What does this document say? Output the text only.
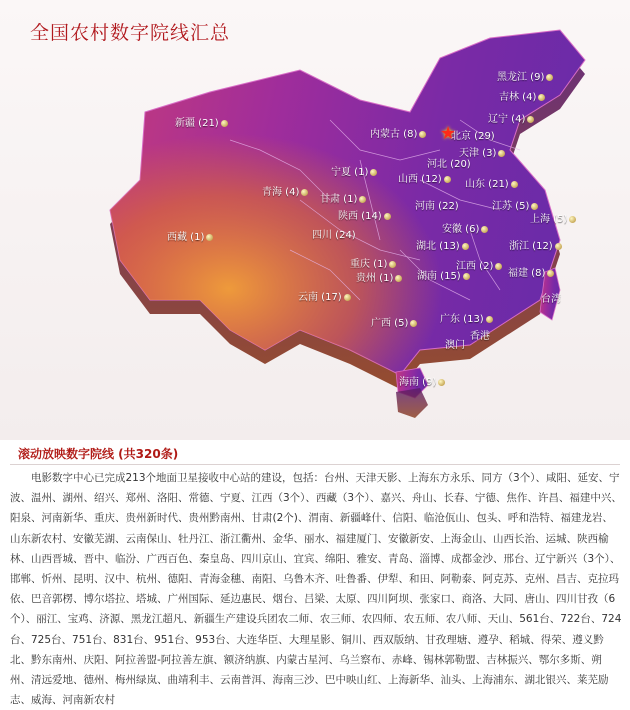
全国农村数字院线汇总
★
黑龙江 (9)
吉林 (4)
辽宁 (4)
新疆 (21)
内蒙古 (8)	北京 (29)
天津 (3)
河北 (20)
宁夏 (1)
山西 (12)	山东 (21)
青海 (4)
甘肃 (1)
河南 (22)	江苏 (5)
陕西 (14)
安徽 (6)
上海 (5)
西藏 (1)	四川 (24)
湖北 (13)	浙江 (12)
重庆 (1)	江西 (2)
贵州 (1)	湖南 (15)	福建 (8)
云南 (17)	台湾
广西 (5)	广东 (13)
香港
澳门
海南 (9)
滚动放映数字院线 (共320条)
电影数字中心已完成213个地面卫星接收中心站的建设，包括：台州、天津天影、上海东方永乐、同方（3个）、咸阳、延安、宁波、温州、湖州、绍兴、郑州、洛阳、常德、宁夏、江西（3个）、西藏（3个）、嘉兴、舟山、长春、宁德、焦作、许昌、福建中兴、阳泉、河南新华、重庆、贵州新时代、贵州黔南州、甘肃(2个)、渭南、新疆峰什、信阳、临沧佤山、包头、呼和浩特、福建龙岩、山东新农村、安徽芜湖、云南保山、牡丹江、浙江衢州、金华、丽水、福建厦门、安徽新安、上海金山、山西长治、运城、陕西榆林、山西晋城、晋中、临汾、广西百色、秦皇岛、四川京山、宜宾、绵阳、雅安、青岛、淄博、成都金沙、邢台、辽宁新兴（3个）、邯郸、忻州、昆明、汉中、杭州、德阳、青海金穗、南阳、乌鲁木齐、吐鲁番、伊犁、和田、阿勒泰、阿克苏、克州、昌吉、克拉玛依、巴音郭楞、博尔塔拉、塔城、广州国际、延边惠民、烟台、吕梁、太原、四川阿坝、张家口、商洛、大同、唐山、四川甘孜（6个）、丽江、宝鸡、济源、黑龙江超凡、新疆生产建设兵团农二师、农三师、农四师、农五师、农八师、天山、561台、722台、724台、725台、751台、831台、951台、953台、大连华臣、大理星影、铜川、西双版纳、甘孜理塘、遵孕、稻城、得荣、遵义黔北、黔东南州、庆阳、阿拉善盟-阿拉善左旗、额济纳旗、内蒙古星河、乌兰察布、赤峰、锡林郭勒盟、吉林振兴、鄂尔多斯、朔州、清远爱地、德州、梅州绿岚、曲靖利丰、云南普洱、海南三沙、巴中映山红、上海新华、汕头、上海浦东、湖北银兴、莱芜励志、威海、河南新农村
